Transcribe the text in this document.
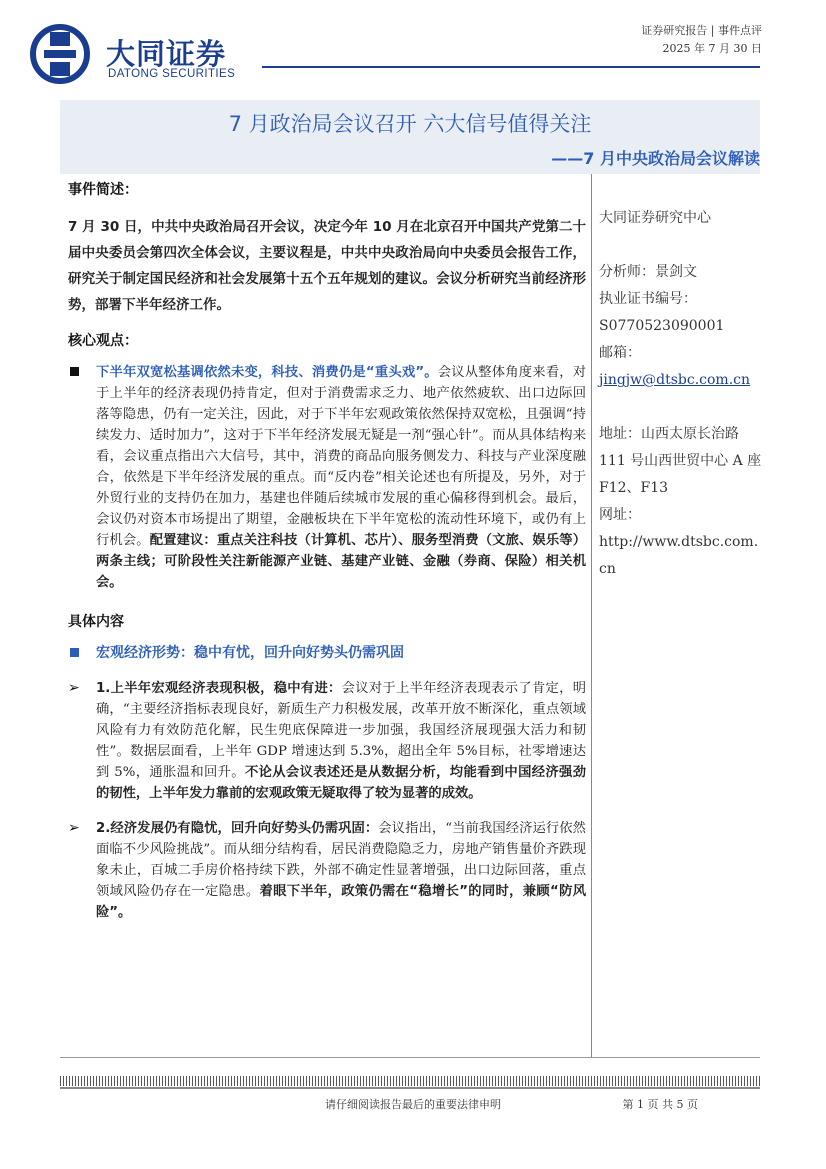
大同证券
DATONG SECURITIES
证券研究报告 | 事件点评
2025 年 7 月 30 日
7 月政治局会议召开 六大信号值得关注
——7 月中央政治局会议解读
大同证券研究中心
分析师：景剑文
执业证书编号：
S0770523090001
邮箱：
jingjw@dtsbc.com.cn
地址：山西太原长治路 111 号山西世贸中心 A 座 F12、F13
网址：
http://www.dtsbc.com.cn
事件简述：
7 月 30 日，中共中央政治局召开会议，决定今年 10 月在北京召开中国共产党第二十届中央委员会第四次全体会议，主要议程是，中共中央政治局向中央委员会报告工作，研究关于制定国民经济和社会发展第十五个五年规划的建议。会议分析研究当前经济形势，部署下半年经济工作。
核心观点：
下半年双宽松基调依然未变，科技、消费仍是“重头戏”。会议从整体角度来看，对于上半年的经济表现仍持肯定，但对于消费需求乏力、地产依然疲软、出口边际回落等隐患，仍有一定关注，因此，对于下半年宏观政策依然保持双宽松，且强调“持续发力、适时加力”，这对于下半年经济发展无疑是一剂“强心针”。而从具体结构来看，会议重点指出六大信号，其中，消费的商品向服务侧发力、科技与产业深度融合，依然是下半年经济发展的重点。而“反内卷”相关论述也有所提及，另外，对于外贸行业的支持仍在加力，基建也伴随后续城市发展的重心偏移得到机会。最后，会议仍对资本市场提出了期望，金融板块在下半年宽松的流动性环境下，或仍有上行机会。配置建议：重点关注科技（计算机、芯片）、服务型消费（文旅、娱乐等）两条主线；可阶段性关注新能源产业链、基建产业链、金融（券商、保险）相关机会。
具体内容
宏观经济形势：稳中有忧，回升向好势头仍需巩固
➢ 1.上半年宏观经济表现积极，稳中有进：会议对于上半年经济表现表示了肯定，明确，“主要经济指标表现良好，新质生产力积极发展，改革开放不断深化，重点领域风险有力有效防范化解，民生兜底保障进一步加强，我国经济展现强大活力和韧性”。数据层面看，上半年 GDP 增速达到 5.3%，超出全年 5%目标，社零增速达到 5%，通胀温和回升。不论从会议表述还是从数据分析，均能看到中国经济强劲的韧性，上半年发力靠前的宏观政策无疑取得了较为显著的成效。
➢ 2.经济发展仍有隐忧，回升向好势头仍需巩固：会议指出，“当前我国经济运行依然面临不少风险挑战”。而从细分结构看，居民消费隐隐乏力，房地产销售量价齐跌现象未止，百城二手房价格持续下跌，外部不确定性显著增强，出口边际回落，重点领域风险仍存在一定隐患。着眼下半年，政策仍需在“稳增长”的同时，兼顾“防风险”。
请仔细阅读报告最后的重要法律申明	第 1 页 共 5 页
